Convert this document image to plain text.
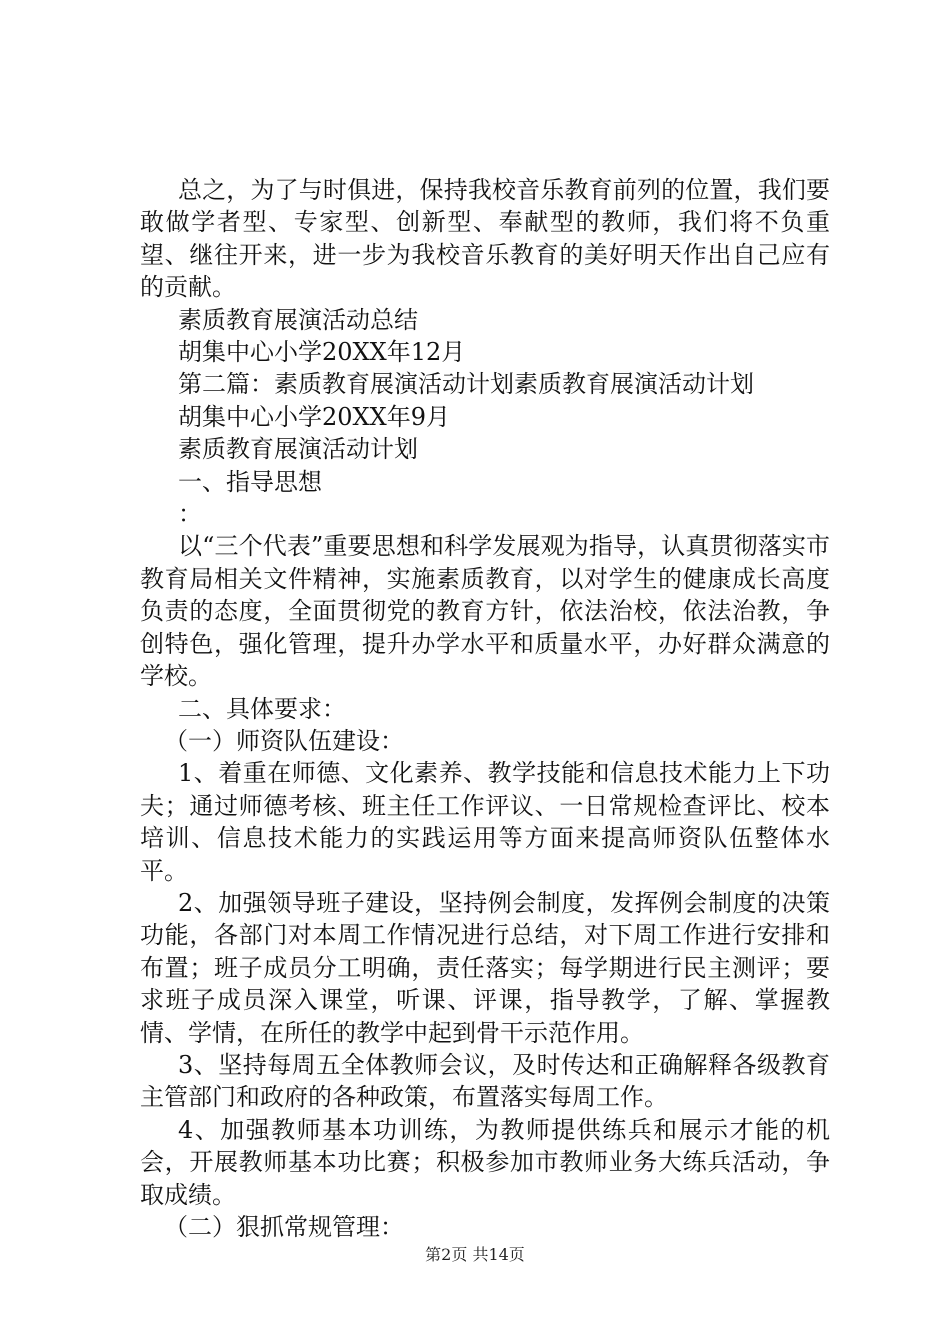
总之，为了与时俱进，保持我校音乐教育前列的位置，我们要敢做学者型、专家型、创新型、奉献型的教师，我们将不负重望、继往开来，进一步为我校音乐教育的美好明天作出自己应有的贡献。

素质教育展演活动总结

胡集中心小学20XX年12月

第二篇：素质教育展演活动计划素质教育展演活动计划

胡集中心小学20XX年9月

素质教育展演活动计划

一、指导思想

：

以“三个代表”重要思想和科学发展观为指导，认真贯彻落实市教育局相关文件精神，实施素质教育，以对学生的健康成长高度负责的态度，全面贯彻党的教育方针，依法治校，依法治教，争创特色，强化管理，提升办学水平和质量水平，办好群众满意的学校。

二、具体要求：

（一）师资队伍建设：

1、着重在师德、文化素养、教学技能和信息技术能力上下功夫；通过师德考核、班主任工作评议、一日常规检查评比、校本培训、信息技术能力的实践运用等方面来提高师资队伍整体水平。

2、加强领导班子建设，坚持例会制度，发挥例会制度的决策功能，各部门对本周工作情况进行总结，对下周工作进行安排和布置；班子成员分工明确，责任落实；每学期进行民主测评；要求班子成员深入课堂，听课、评课，指导教学，了解、掌握教情、学情，在所任的教学中起到骨干示范作用。

3、坚持每周五全体教师会议，及时传达和正确解释各级教育主管部门和政府的各种政策，布置落实每周工作。

4、加强教师基本功训练，为教师提供练兵和展示才能的机会，开展教师基本功比赛；积极参加市教师业务大练兵活动，争取成绩。

（二）狠抓常规管理：

第2页 共14页
